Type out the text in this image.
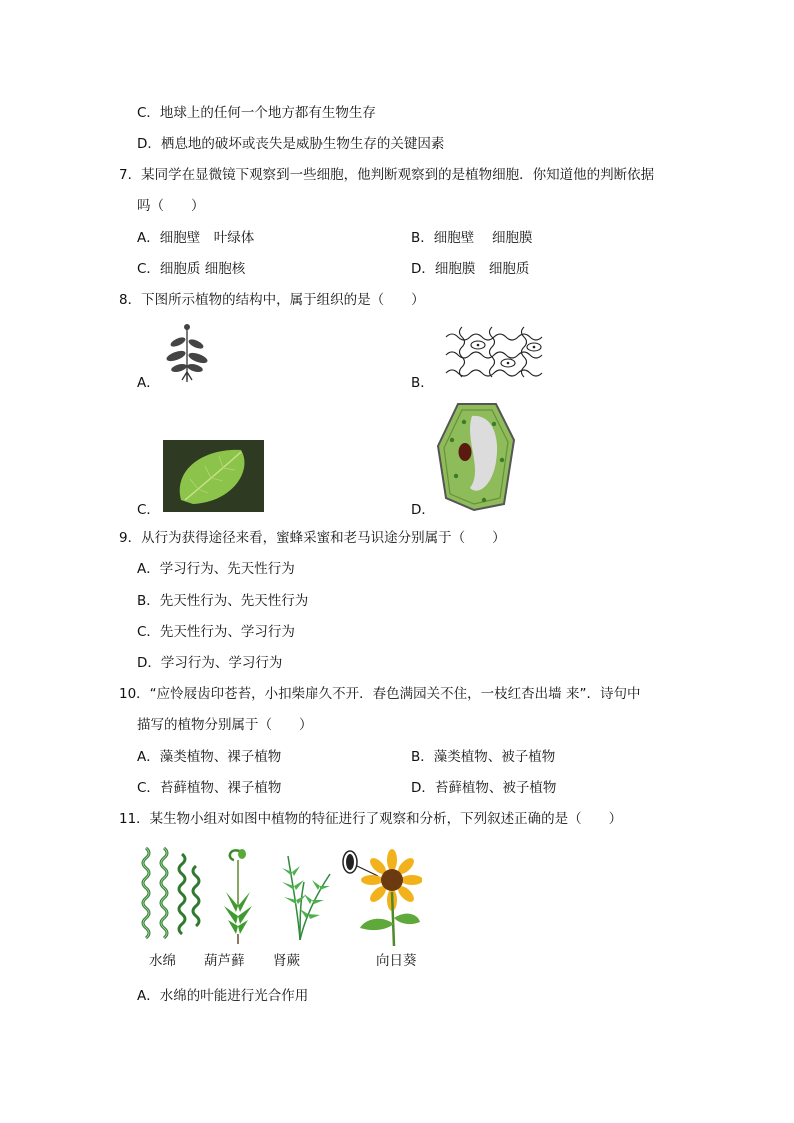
C．地球上的任何一个地方都有生物生存
D．栖息地的破坏或丧失是威胁生物生存的关键因素
7．某同学在显微镜下观察到一些细胞，他判断观察到的是植物细胞．你知道他的判断依据
吗（　　）
A．细胞壁　叶绿体	B．细胞壁　 细胞膜
C．细胞质 细胞核	D．细胞膜　细胞质
8．下图所示植物的结构中，属于组织的是（　　）
A．	B．
C．	D．
9．从行为获得途径来看，蜜蜂采蜜和老马识途分别属于（　　）
A．学习行为、先天性行为
B．先天性行为、先天性行为
C．先天性行为、学习行为
D．学习行为、学习行为
10．“应怜屐齿印苍苔，小扣柴扉久不开．春色满园关不住，一枝红杏出墙 来”．诗句中
描写的植物分别属于（　　）
A．藻类植物、裸子植物	B．藻类植物、被子植物
C．苔藓植物、裸子植物	D．苔藓植物、被子植物
11．某生物小组对如图中植物的特征进行了观察和分析，下列叙述正确的是（　　）
水绵 葫芦藓 肾蕨	向日葵
A．水绵的叶能进行光合作用
